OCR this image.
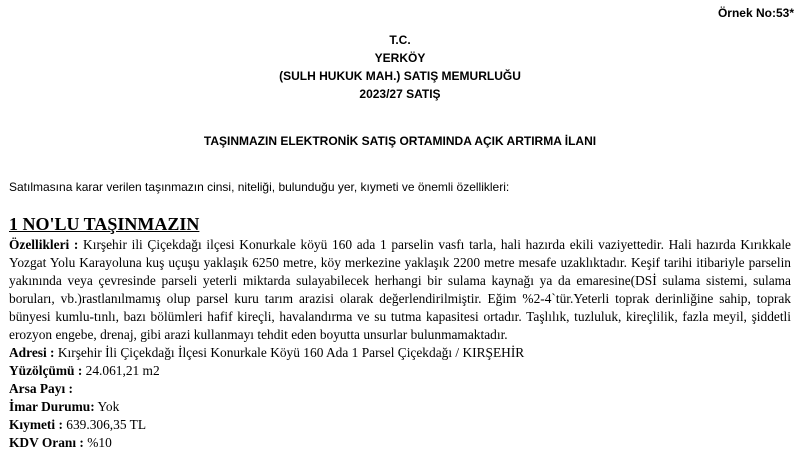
Örnek No:53*
T.C.
YERKÖY
(SULH HUKUK MAH.) SATIŞ MEMURLUĞU
2023/27 SATIŞ
TAŞINMAZIN ELEKTRONİK SATIŞ ORTAMINDA AÇIK ARTIRMA İLANI
Satılmasına karar verilen taşınmazın cinsi, niteliği, bulunduğu yer, kıymeti ve önemli özellikleri:
1 NO'LU TAŞINMAZIN

Özellikleri : Kırşehir ili Çiçekdağı ilçesi Konurkale köyü 160 ada 1 parselin vasfı tarla, hali hazırda ekili vaziyettedir. Hali hazırda Kırıkkale Yozgat Yolu Karayoluna kuş uçuşu yaklaşık 6250 metre, köy merkezine yaklaşık 2200 metre mesafe uzaklıktadır. Keşif tarihi itibariyle parselin yakınında veya çevresinde parseli yeterli miktarda sulayabilecek herhangi bir sulama kaynağı ya da emaresine(DSİ sulama sistemi, sulama boruları, vb.)rastlanılmamış olup parsel kuru tarım arazisi olarak değerlendirilmiştir. Eğim %2-4`tür.Yeterli toprak derinliğine sahip, toprak bünyesi kumlu-tınlı, bazı bölümleri hafif kireçli, havalandırma ve su tutma kapasitesi ortadır. Taşlılık, tuzluluk, kireçlilik, fazla meyil, şiddetli erozyon engebe, drenaj, gibi arazi kullanmayı tehdit eden boyutta unsurlar bulunmamaktadır.

Adresi : Kırşehir İli Çiçekdağı İlçesi Konurkale Köyü 160 Ada 1 Parsel Çiçekdağı / KIRŞEHİR

Yüzölçümü : 24.061,21 m2

Arsa Payı :

İmar Durumu: Yok

Kıymeti : 639.306,35 TL

KDV Oranı : %10
